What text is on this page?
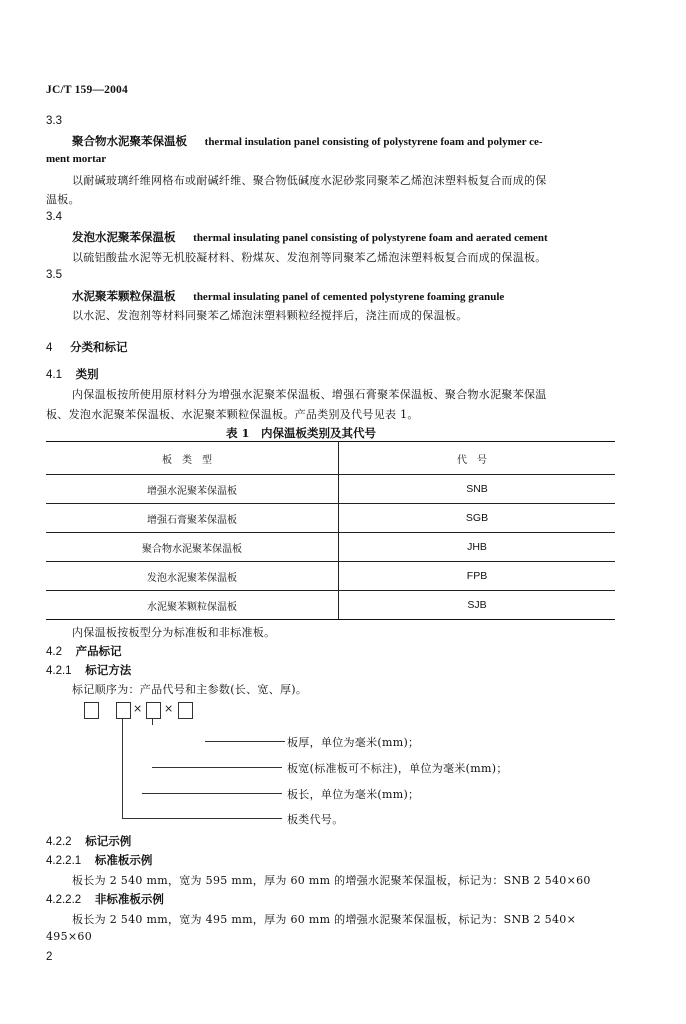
JC/T 159—2004
3.3
聚合物水泥聚苯保温板 thermal insulation panel consisting of polystyrene foam and polymer ce-
ment mortar
以耐碱玻璃纤维网格布或耐碱纤维、聚合物低碱度水泥砂浆同聚苯乙烯泡沫塑料板复合而成的保
温板。
3.4
发泡水泥聚苯保温板 thermal insulating panel consisting of polystyrene foam and aerated cement
以硫铝酸盐水泥等无机胶凝材料、粉煤灰、发泡剂等同聚苯乙烯泡沫塑料板复合而成的保温板。
3.5
水泥聚苯颗粒保温板 thermal insulating panel of cemented polystyrene foaming granule
以水泥、发泡剂等材料同聚苯乙烯泡沫塑料颗粒经搅拌后，浇注而成的保温板。
4 分类和标记
4.1 类别
内保温板按所使用原材料分为增强水泥聚苯保温板、增强石膏聚苯保温板、聚合物水泥聚苯保温
板、发泡水泥聚苯保温板、水泥聚苯颗粒保温板。产品类别及代号见表 1。
表 1　内保温板类别及其代号
板类型	代号
增强水泥聚苯保温板	SNB
增强石膏聚苯保温板	SGB
聚合物水泥聚苯保温板	JHB
发泡水泥聚苯保温板	FPB
水泥聚苯颗粒保温板	SJB
内保温板按板型分为标准板和非标准板。
4.2 产品标记
4.2.1 标记方法
标记顺序为：产品代号和主参数(长、宽、厚)。
× ×
板厚，单位为毫米(mm)；
板宽(标准板可不标注)，单位为毫米(mm)；
板长，单位为毫米(mm)；
板类代号。
4.2.2 标记示例
4.2.2.1 标准板示例
板长为 2 540 mm，宽为 595 mm，厚为 60 mm 的增强水泥聚苯保温板，标记为：SNB 2 540×60
4.2.2.2 非标准板示例
板长为 2 540 mm，宽为 495 mm，厚为 60 mm 的增强水泥聚苯保温板，标记为：SNB 2 540×
495×60
2
